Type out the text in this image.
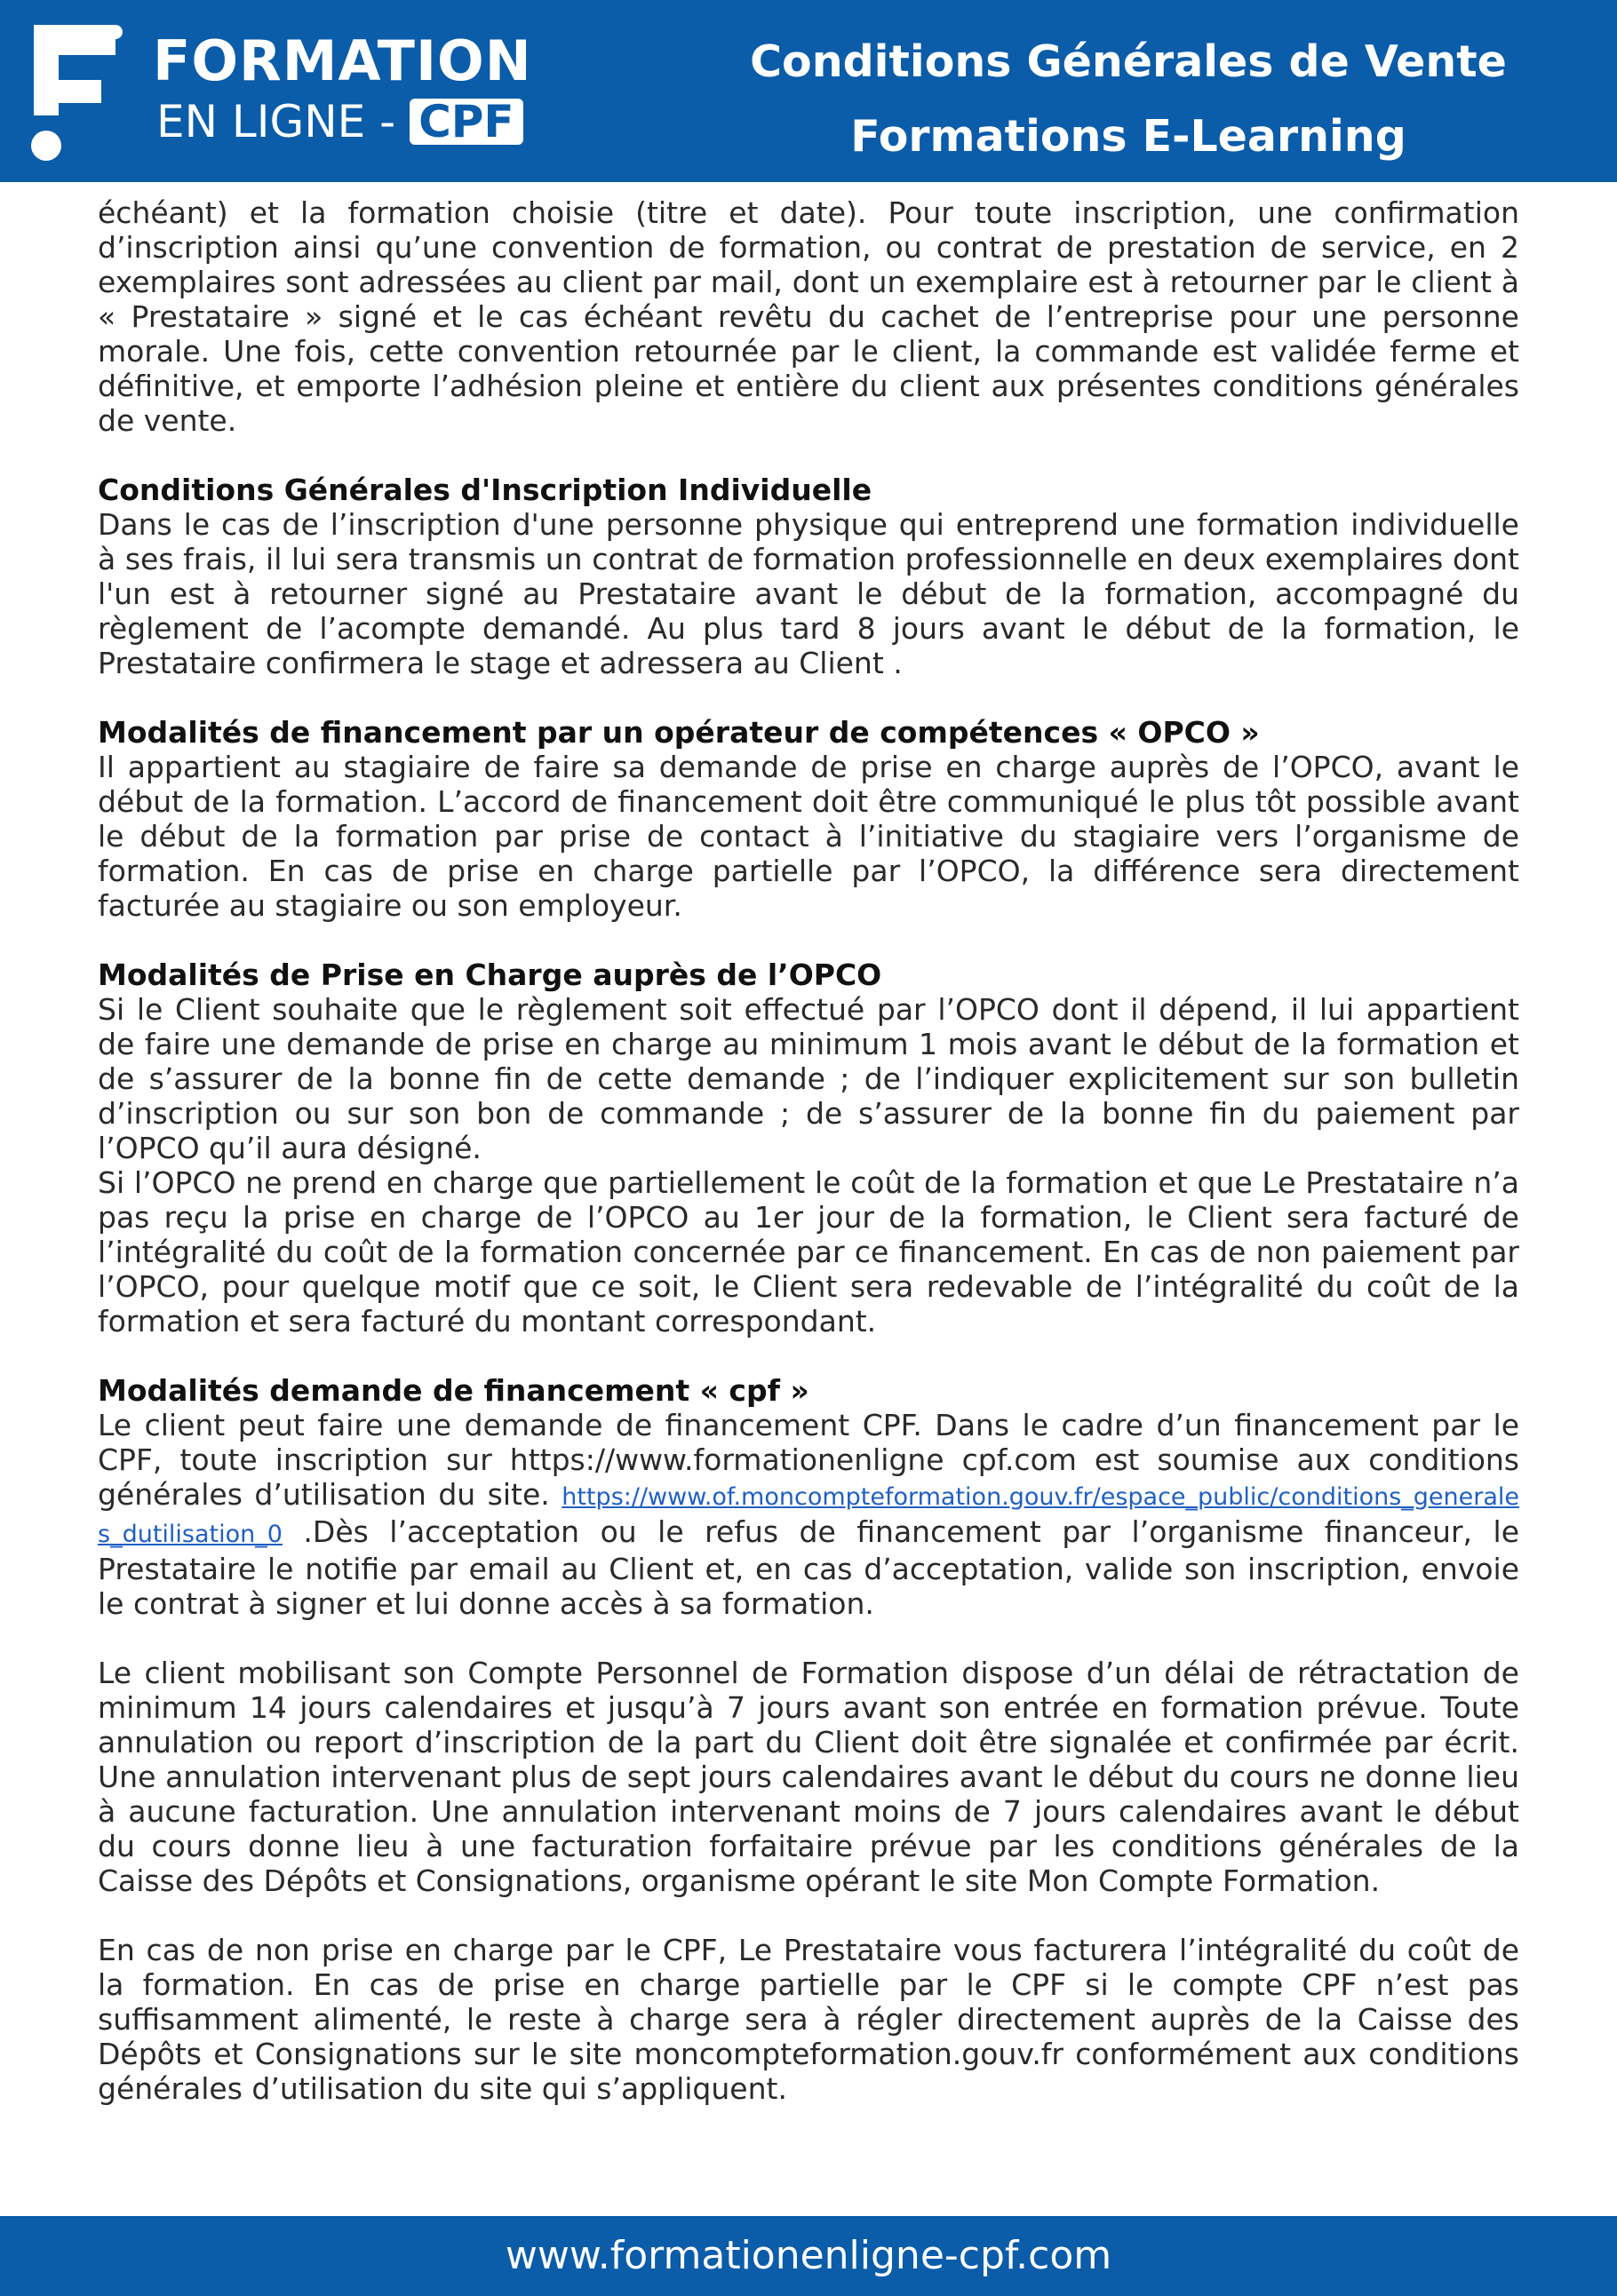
FORMATION
EN LIGNE - CPF
Conditions Générales de Vente
Formations E-Learning

échéant) et la formation choisie (titre et date). Pour toute inscription, une confirmation d’inscription ainsi qu’une convention de formation, ou contrat de prestation de service, en 2 exemplaires sont adressées au client par mail, dont un exemplaire est à retourner par le client à « Prestataire » signé et le cas échéant revêtu du cachet de l’entreprise pour une personne morale. Une fois, cette convention retournée par le client, la commande est validée ferme et définitive, et emporte l’adhésion pleine et entière du client aux présentes conditions générales de vente.

Conditions Générales d'Inscription Individuelle

Dans le cas de l’inscription d'une personne physique qui entreprend une formation individuelle à ses frais, il lui sera transmis un contrat de formation professionnelle en deux exemplaires dont l'un est à retourner signé au Prestataire avant le début de la formation, accompagné du règlement de l’acompte demandé. Au plus tard 8 jours avant le début de la formation, le Prestataire confirmera le stage et adressera au Client .

Modalités de financement par un opérateur de compétences « OPCO »

Il appartient au stagiaire de faire sa demande de prise en charge auprès de l’OPCO, avant le début de la formation. L’accord de financement doit être communiqué le plus tôt possible avant le début de la formation par prise de contact à l’initiative du stagiaire vers l’organisme de formation. En cas de prise en charge partielle par l’OPCO, la différence sera directement facturée au stagiaire ou son employeur.

Modalités de Prise en Charge auprès de l’OPCO

Si le Client souhaite que le règlement soit effectué par l’OPCO dont il dépend, il lui appartient de faire une demande de prise en charge au minimum 1 mois avant le début de la formation et de s’assurer de la bonne fin de cette demande ; de l’indiquer explicitement sur son bulletin d’inscription ou sur son bon de commande ; de s’assurer de la bonne fin du paiement par l’OPCO qu’il aura désigné.

Si l’OPCO ne prend en charge que partiellement le coût de la formation et que Le Prestataire n’a pas reçu la prise en charge de l’OPCO au 1er jour de la formation, le Client sera facturé de l’intégralité du coût de la formation concernée par ce financement. En cas de non paiement par l’OPCO, pour quelque motif que ce soit, le Client sera redevable de l’intégralité du coût de la formation et sera facturé du montant correspondant.

Modalités demande de financement « cpf »

Le client peut faire une demande de financement CPF. Dans le cadre d’un financement par le CPF, toute inscription sur https://www.formationenligne cpf.com est soumise aux conditions générales d’utilisation du site. https://www.of.moncompteformation.gouv.fr/espace_public/conditions_generales_dutilisation_0 .Dès l’acceptation ou le refus de financement par l’organisme financeur, le Prestataire le notifie par email au Client et, en cas d’acceptation, valide son inscription, envoie le contrat à signer et lui donne accès à sa formation.

Le client mobilisant son Compte Personnel de Formation dispose d’un délai de rétractation de minimum 14 jours calendaires et jusqu’à 7 jours avant son entrée en formation prévue. Toute annulation ou report d’inscription de la part du Client doit être signalée et confirmée par écrit. Une annulation intervenant plus de sept jours calendaires avant le début du cours ne donne lieu à aucune facturation. Une annulation intervenant moins de 7 jours calendaires avant le début du cours donne lieu à une facturation forfaitaire prévue par les conditions générales de la Caisse des Dépôts et Consignations, organisme opérant le site Mon Compte Formation.

En cas de non prise en charge par le CPF, Le Prestataire vous facturera l’intégralité du coût de la formation. En cas de prise en charge partielle par le CPF si le compte CPF n’est pas suffisamment alimenté, le reste à charge sera à régler directement auprès de la Caisse des Dépôts et Consignations sur le site moncompteformation.gouv.fr conformément aux conditions générales d’utilisation du site qui s’appliquent.

www.formationenligne-cpf.com
